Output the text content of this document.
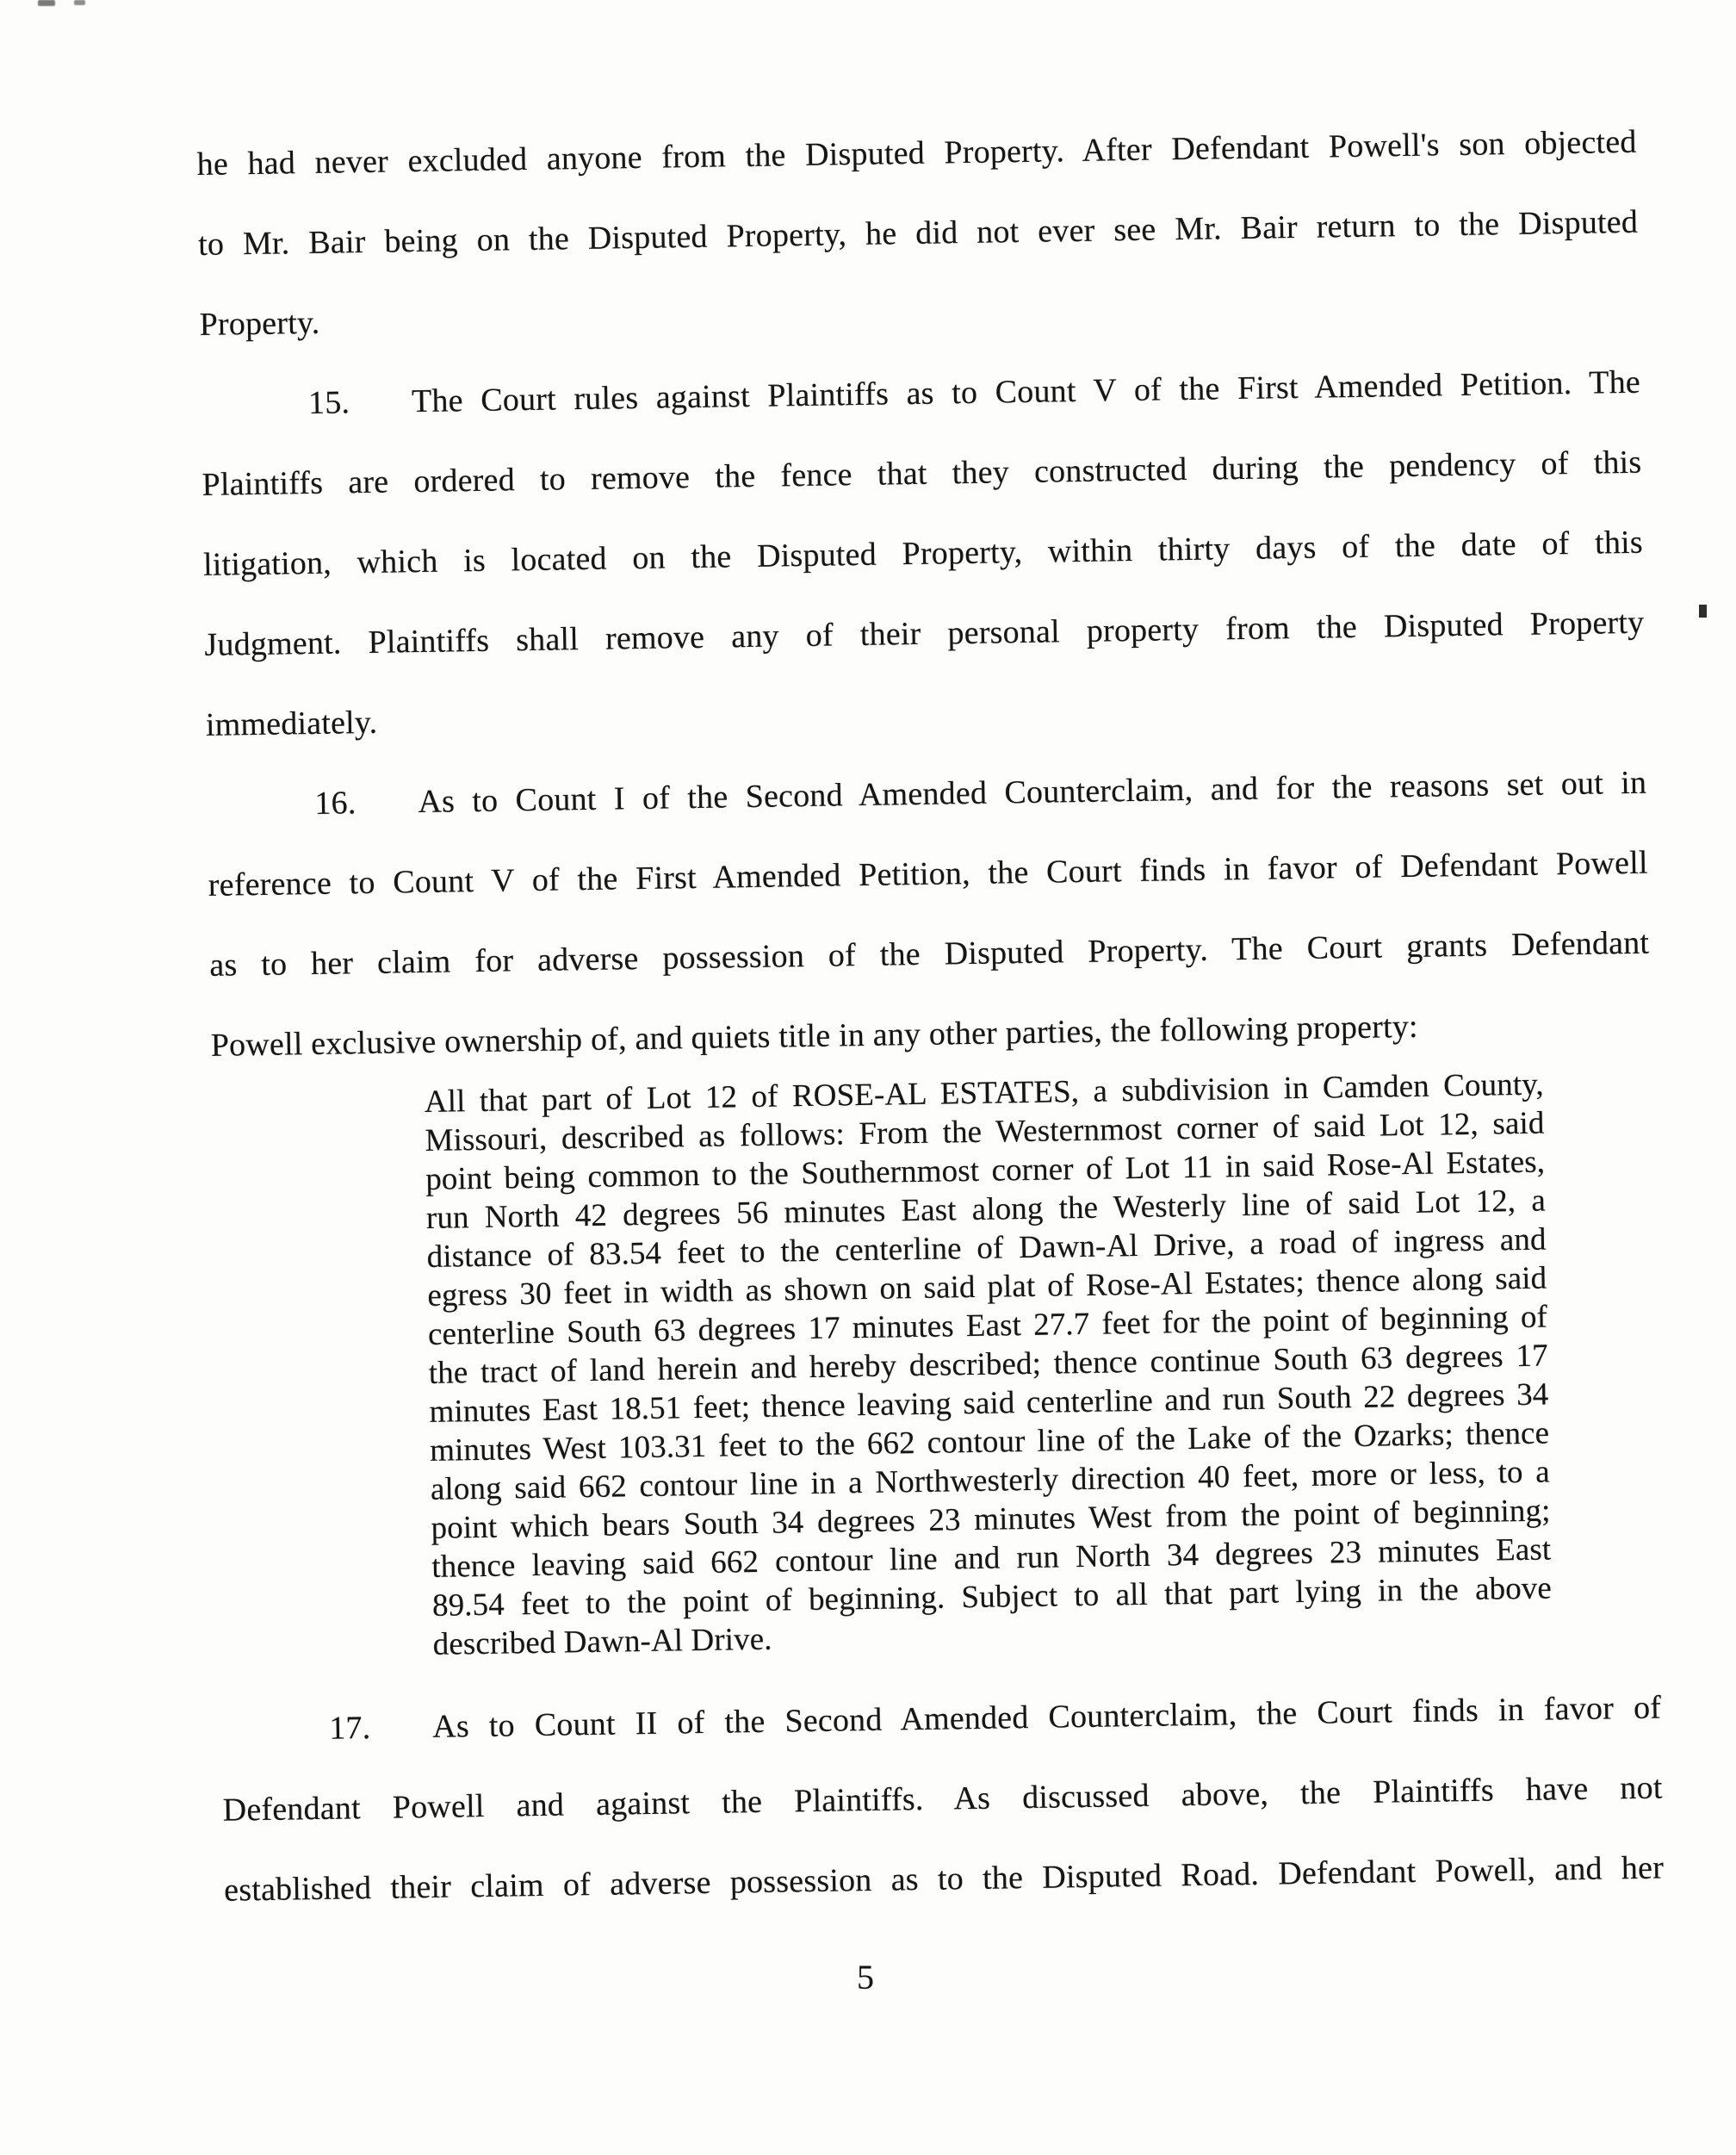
he had never excluded anyone from the Disputed Property. After Defendant Powell's son objected
to Mr. Bair being on the Disputed Property, he did not ever see Mr. Bair return to the Disputed
Property.
15. The Court rules against Plaintiffs as to Count V of the First Amended Petition. The
Plaintiffs are ordered to remove the fence that they constructed during the pendency of this
litigation, which is located on the Disputed Property, within thirty days of the date of this
Judgment. Plaintiffs shall remove any of their personal property from the Disputed Property
immediately.
16. As to Count I of the Second Amended Counterclaim, and for the reasons set out in
reference to Count V of the First Amended Petition, the Court finds in favor of Defendant Powell
as to her claim for adverse possession of the Disputed Property. The Court grants Defendant
Powell exclusive ownership of, and quiets title in any other parties, the following property:
All that part of Lot 12 of ROSE-AL ESTATES, a subdivision in Camden County,
Missouri, described as follows: From the Westernmost corner of said Lot 12, said
point being common to the Southernmost corner of Lot 11 in said Rose-Al Estates,
run North 42 degrees 56 minutes East along the Westerly line of said Lot 12, a
distance of 83.54 feet to the centerline of Dawn-Al Drive, a road of ingress and
egress 30 feet in width as shown on said plat of Rose-Al Estates; thence along said
centerline South 63 degrees 17 minutes East 27.7 feet for the point of beginning of
the tract of land herein and hereby described; thence continue South 63 degrees 17
minutes East 18.51 feet; thence leaving said centerline and run South 22 degrees 34
minutes West 103.31 feet to the 662 contour line of the Lake of the Ozarks; thence
along said 662 contour line in a Northwesterly direction 40 feet, more or less, to a
point which bears South 34 degrees 23 minutes West from the point of beginning;
thence leaving said 662 contour line and run North 34 degrees 23 minutes East
89.54 feet to the point of beginning. Subject to all that part lying in the above
described Dawn-Al Drive.
17. As to Count II of the Second Amended Counterclaim, the Court finds in favor of
Defendant Powell and against the Plaintiffs. As discussed above, the Plaintiffs have not
established their claim of adverse possession as to the Disputed Road. Defendant Powell, and her
5
